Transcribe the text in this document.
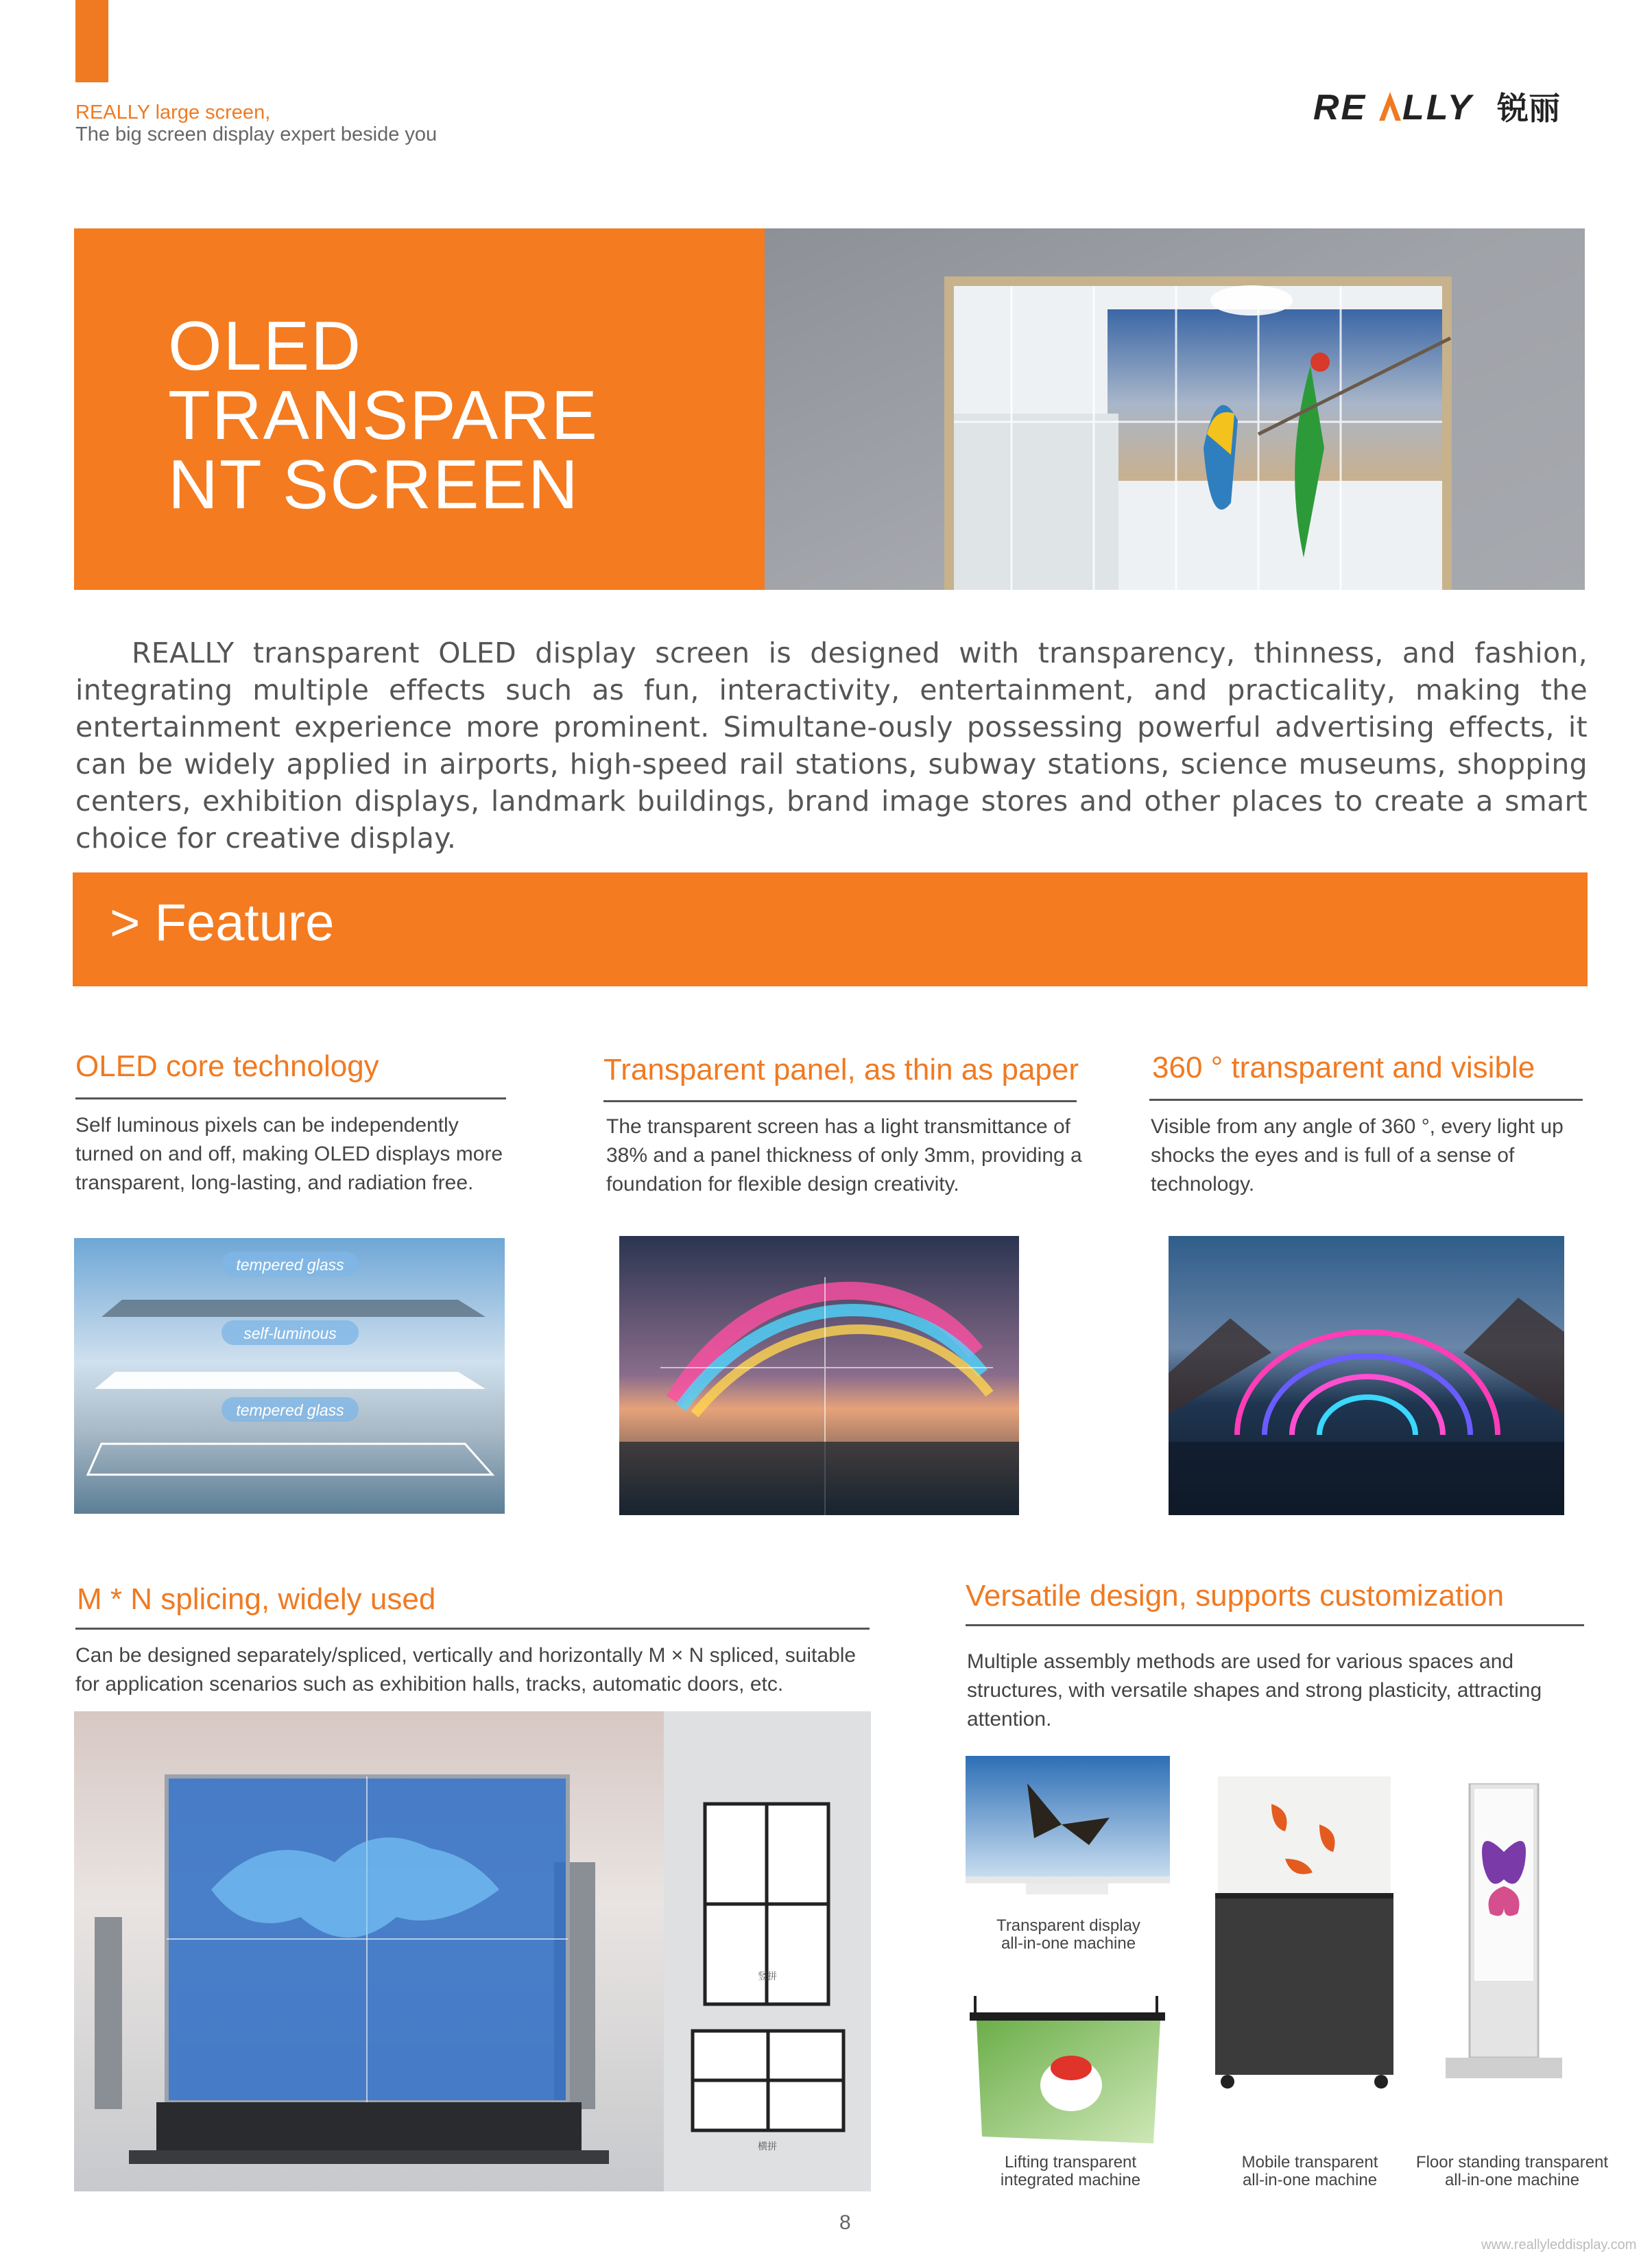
REALLY large screen,
The big screen display expert beside you
RE LLY 锐丽
OLED TRANSPARE NT SCREEN
REALLY transparent OLED display screen is designed with transparency, thinness, and fashion, integrating multiple effects such as fun, interactivity, entertainment, and practicality, making the entertainment experience more prominent. Simultane-ously possessing powerful advertising effects, it can be widely applied in airports, high-speed rail stations, subway stations, science museums, shopping centers, exhibition displays, landmark buildings, brand image stores and other places to create a smart choice for creative display.
> Feature
OLED core technology
Self luminous pixels can be independently turned on and off, making OLED displays more transparent, long-lasting, and radiation free.
tempered glass
self-luminous
tempered glass
Transparent panel, as thin as paper
The transparent screen has a light transmittance of 38% and a panel thickness of only 3mm, providing a foundation for flexible design creativity.
360 ° transparent and visible
Visible from any angle of 360 °, every light up shocks the eyes and is full of a sense of technology.
M * N splicing, widely used
Can be designed separately/spliced, vertically and horizontally M × N spliced, suitable for application scenarios such as exhibition halls, tracks, automatic doors, etc.
竖拼
横拼
Versatile design, supports customization
Multiple assembly methods are used for various spaces and structures, with versatile shapes and strong plasticity, attracting attention.
Transparent display all-in-one machine
Lifting transparent integrated machine
Mobile transparent all-in-one machine
Floor standing transparent all-in-one machine
8
www.reallyleddisplay.com
